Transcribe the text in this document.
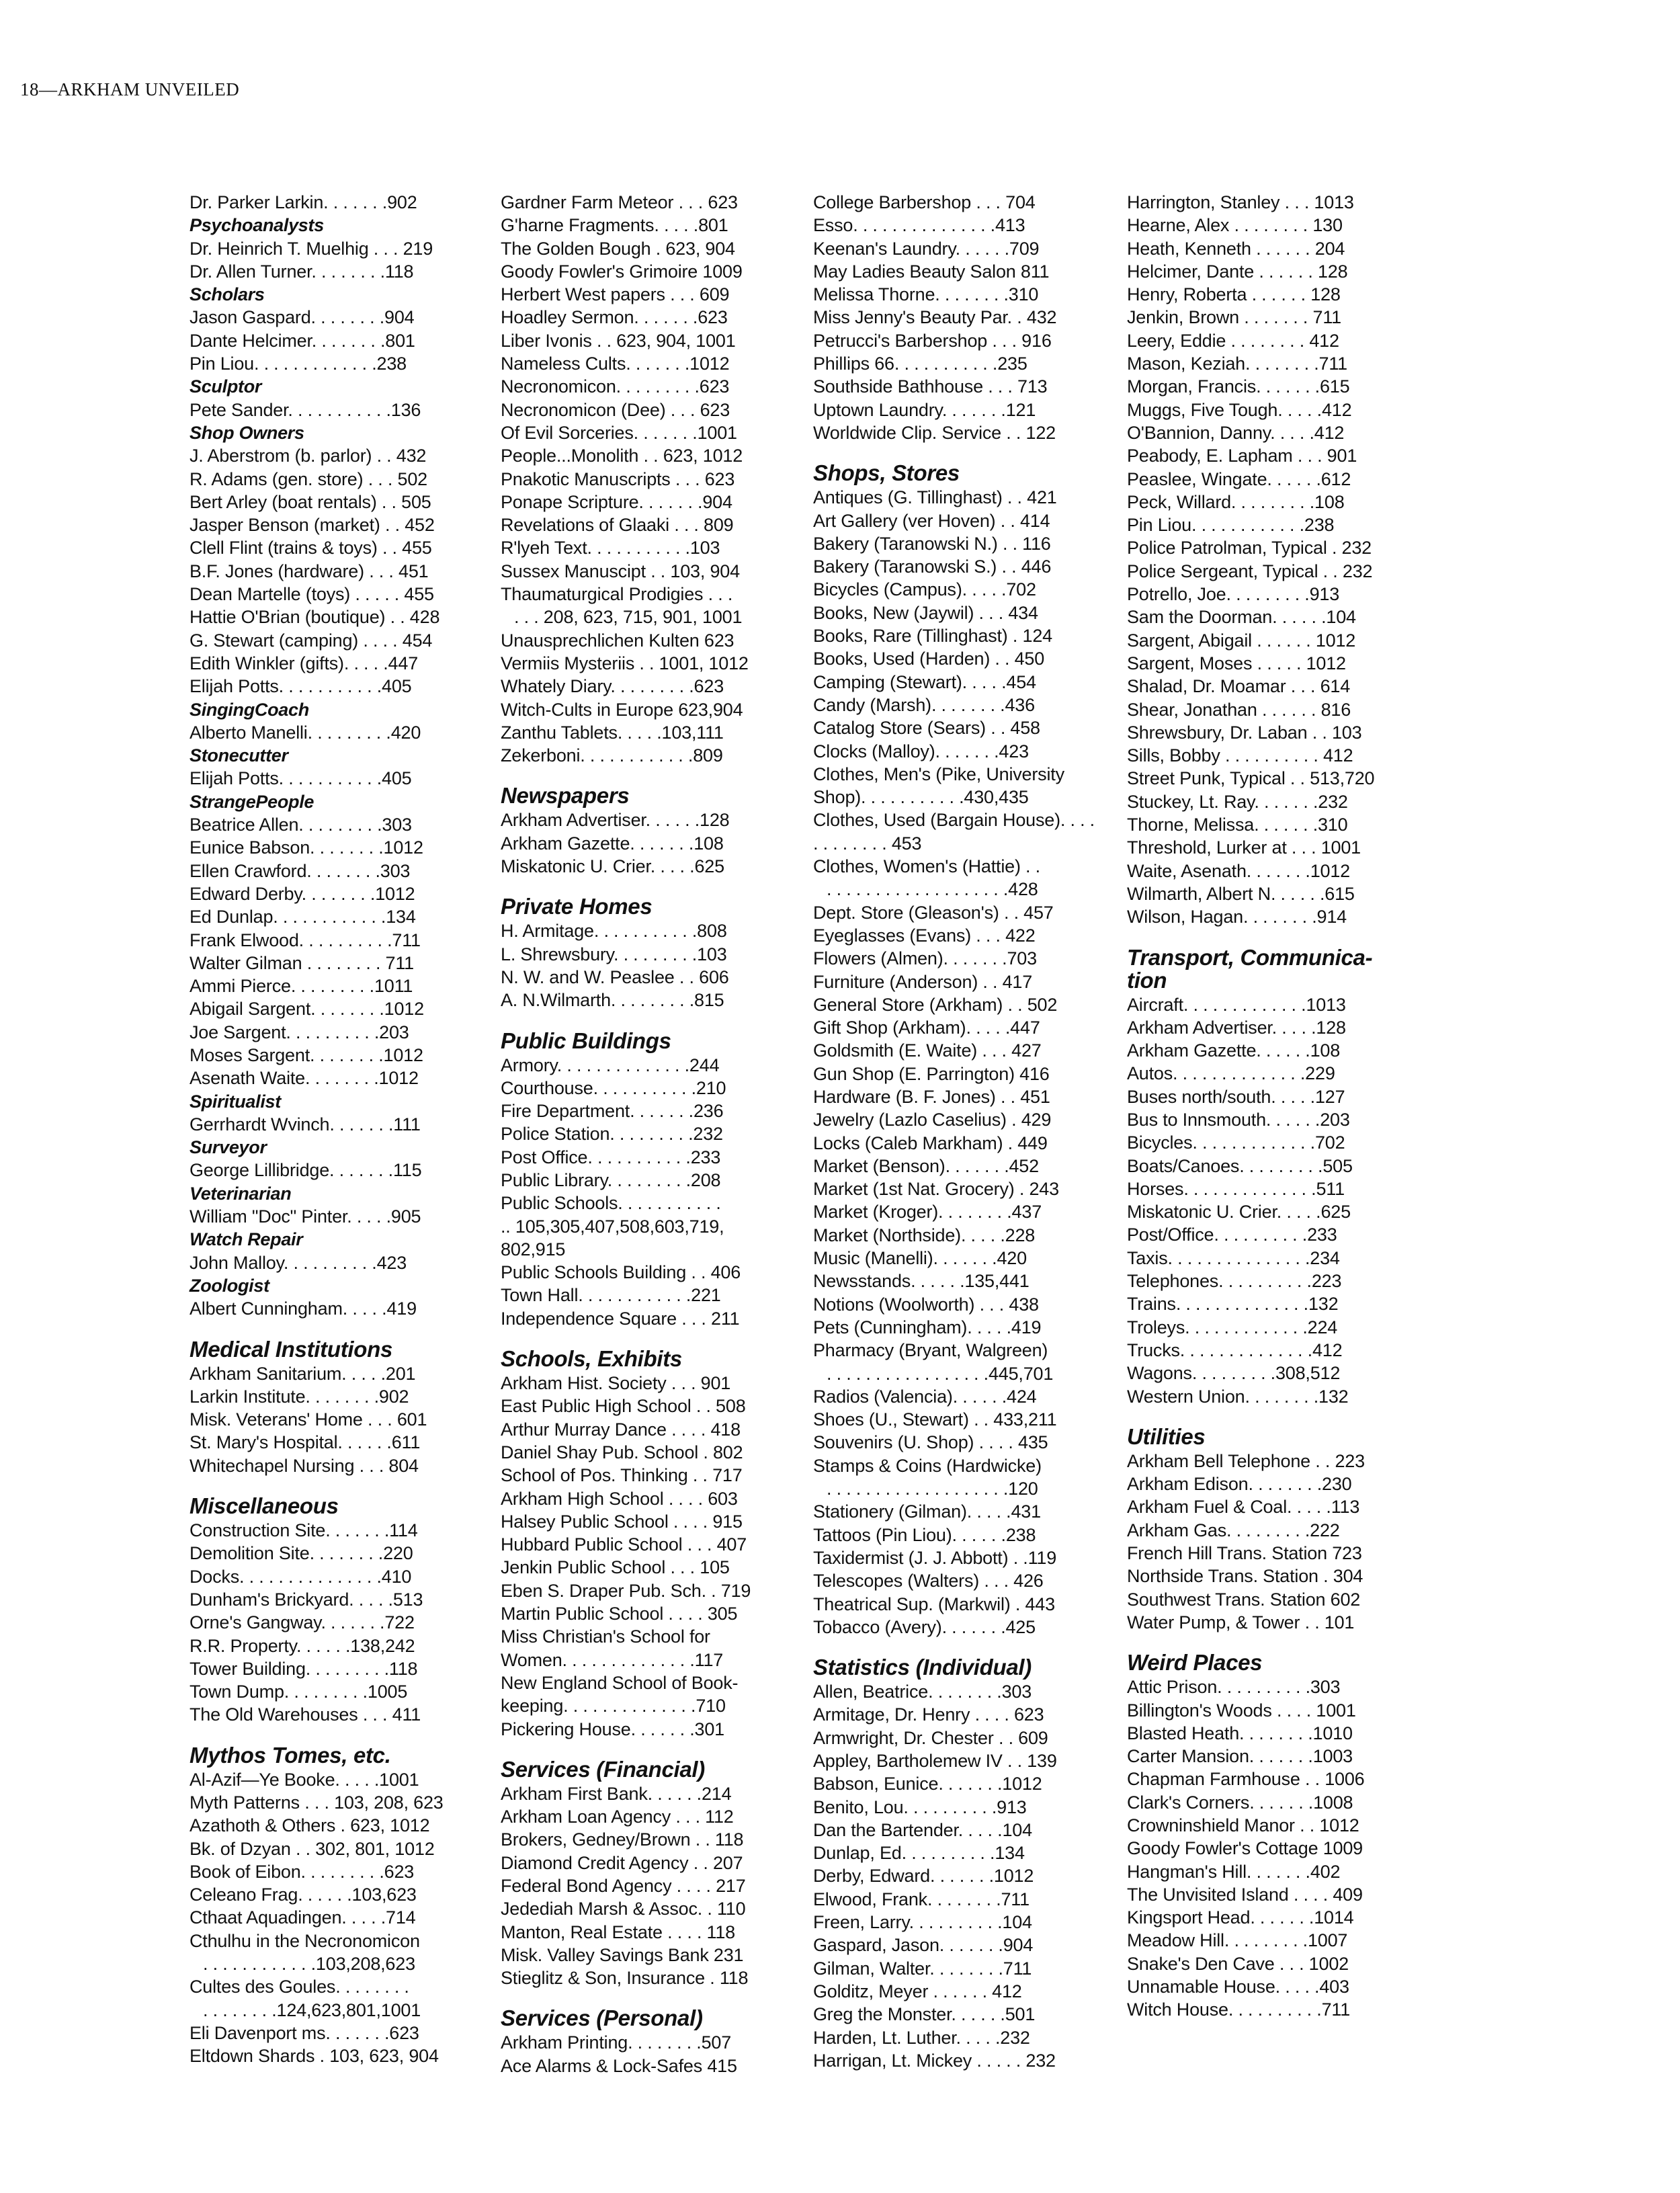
18—ARKHAM UNVEILED
Dr. Parker Larkin. . . . . . .902
Psychoanalysts
Dr. Heinrich T. Muelhig . . . 219
Dr. Allen Turner. . . . . . . .118
Scholars
Jason Gaspard. . . . . . . .904
Dante Helcimer. . . . . . . .801
Pin Liou. . . . . . . . . . . . .238
Sculptor
Pete Sander. . . . . . . . . . .136
Shop Owners
J. Aberstrom (b. parlor) . . 432
R. Adams (gen. store) . . . 502
Bert Arley (boat rentals) . . 505
Jasper Benson (market) . . 452
Clell Flint (trains & toys) . . 455
B.F. Jones (hardware) . . . 451
Dean Martelle (toys) . . . . . 455
Hattie O'Brian (boutique) . . 428
G. Stewart (camping) . . . . 454
Edith Winkler (gifts). . . . .447
Elijah Potts. . . . . . . . . . .405
SingingCoach
Alberto Manelli. . . . . . . . .420
Stonecutter
Elijah Potts. . . . . . . . . . .405
StrangePeople
Beatrice Allen. . . . . . . . .303
Eunice Babson. . . . . . . .1012
Ellen Crawford. . . . . . . .303
Edward Derby. . . . . . . .1012
Ed Dunlap. . . . . . . . . . . .134
Frank Elwood. . . . . . . . . .711
Walter Gilman . . . . . . . . 711
Ammi Pierce. . . . . . . . .1011
Abigail Sargent. . . . . . . .1012
Joe Sargent. . . . . . . . . .203
Moses Sargent. . . . . . . .1012
Asenath Waite. . . . . . . .1012
Spiritualist
Gerrhardt Wvinch. . . . . . .111
Surveyor
George Lillibridge. . . . . . .115
Veterinarian
William "Doc" Pinter. . . . .905
Watch Repair
John Malloy. . . . . . . . . .423
Zoologist
Albert Cunningham. . . . .419
Medical Institutions
Arkham Sanitarium. . . . .201
Larkin Institute. . . . . . . .902
Misk. Veterans' Home . . . 601
St. Mary's Hospital. . . . . .611
Whitechapel Nursing . . . 804
Miscellaneous
Construction Site. . . . . . .114
Demolition Site. . . . . . . .220
Docks. . . . . . . . . . . . . . .410
Dunham's Brickyard. . . . .513
Orne's Gangway. . . . . . .722
R.R. Property. . . . . .138,242
Tower Building. . . . . . . . .118
Town Dump. . . . . . . . .1005
The Old Warehouses . . . 411
Mythos Tomes, etc.
Al-Azif—Ye Booke. . . . .1001
Myth Patterns . . . 103, 208, 623
Azathoth & Others . 623, 1012
Bk. of Dzyan . . 302, 801, 1012
Book of Eibon. . . . . . . . .623
Celeano Frag. . . . . .103,623
Cthaat Aquadingen. . . . .714
Cthulhu in the Necronomicon
. . . . . . . . . . . .103,208,623
Cultes des Goules. . . . . . . .
. . . . . . . .124,623,801,1001
Eli Davenport ms. . . . . . .623
Eltdown Shards . 103, 623, 904
Gardner Farm Meteor . . . 623
G'harne Fragments. . . . .801
The Golden Bough . 623, 904
Goody Fowler's Grimoire 1009
Herbert West papers . . . 609
Hoadley Sermon. . . . . . .623
Liber Ivonis . . 623, 904, 1001
Nameless Cults. . . . . . .1012
Necronomicon. . . . . . . . .623
Necronomicon (Dee) . . . 623
Of Evil Sorceries. . . . . . .1001
People...Monolith . . 623, 1012
Pnakotic Manuscripts . . . 623
Ponape Scripture. . . . . . .904
Revelations of Glaaki . . . 809
R'lyeh Text. . . . . . . . . . .103
Sussex Manuscipt . . 103, 904
Thaumaturgical Prodigies . . .
. . . 208, 623, 715, 901, 1001
Unausprechlichen Kulten 623
Vermiis Mysteriis . . 1001, 1012
Whately Diary. . . . . . . . .623
Witch-Cults in Europe 623,904
Zanthu Tablets. . . . .103,111
Zekerboni. . . . . . . . . . . .809
Newspapers
Arkham Advertiser. . . . . .128
Arkham Gazette. . . . . . .108
Miskatonic U. Crier. . . . .625
Private Homes
H. Armitage. . . . . . . . . . .808
L. Shrewsbury. . . . . . . . .103
N. W. and W. Peaslee . . 606
A. N.Wilmarth. . . . . . . . .815
Public Buildings
Armory. . . . . . . . . . . . . .244
Courthouse. . . . . . . . . . .210
Fire Department. . . . . . .236
Police Station. . . . . . . . .232
Post Office. . . . . . . . . . .233
Public Library. . . . . . . . .208
Public Schools. . . . . . . . . . .
.. 105,305,407,508,603,719, 802,915
Public Schools Building . . 406
Town Hall. . . . . . . . . . . .221
Independence Square . . . 211
Schools, Exhibits
Arkham Hist. Society . . . 901
East Public High School . . 508
Arthur Murray Dance . . . . 418
Daniel Shay Pub. School . 802
School of Pos. Thinking . . 717
Arkham High School . . . . 603
Halsey Public School . . . . 915
Hubbard Public School . . . 407
Jenkin Public School . . . 105
Eben S. Draper Pub. Sch. . 719
Martin Public School . . . . 305
Miss Christian's School for
Women. . . . . . . . . . . . . .117
New England School of Book-
keeping. . . . . . . . . . . . . .710
Pickering House. . . . . . .301
Services (Financial)
Arkham First Bank. . . . . .214
Arkham Loan Agency . . . 112
Brokers, Gedney/Brown . . 118
Diamond Credit Agency . . 207
Federal Bond Agency . . . . 217
Jedediah Marsh & Assoc. . 110
Manton, Real Estate . . . . 118
Misk. Valley Savings Bank 231
Stieglitz & Son, Insurance . 118
Services (Personal)
Arkham Printing. . . . . . . .507
Ace Alarms & Lock-Safes 415
College Barbershop . . . 704
Esso. . . . . . . . . . . . . . .413
Keenan's Laundry. . . . . .709
May Ladies Beauty Salon 811
Melissa Thorne. . . . . . . .310
Miss Jenny's Beauty Par. . 432
Petrucci's Barbershop . . . 916
Phillips 66. . . . . . . . . . .235
Southside Bathhouse . . . 713
Uptown Laundry. . . . . . .121
Worldwide Clip. Service . . 122
Shops, Stores
Antiques (G. Tillinghast) . . 421
Art Gallery (ver Hoven) . . 414
Bakery (Taranowski N.) . . 116
Bakery (Taranowski S.) . . 446
Bicycles (Campus). . . . .702
Books, New (Jaywil) . . . 434
Books, Rare (Tillinghast) . 124
Books, Used (Harden) . . 450
Camping (Stewart). . . . .454
Candy (Marsh). . . . . . . .436
Catalog Store (Sears) . . 458
Clocks (Malloy). . . . . . .423
Clothes, Men's (Pike, University Shop). . . . . . . . . . .430,435
Clothes, Used (Bargain House). . . . . . . . . . . . 453
Clothes, Women's (Hattie) . .
. . . . . . . . . . . . . . . . . . .428
Dept. Store (Gleason's) . . 457
Eyeglasses (Evans) . . . 422
Flowers (Almen). . . . . . .703
Furniture (Anderson) . . 417
General Store (Arkham) . . 502
Gift Shop (Arkham). . . . .447
Goldsmith (E. Waite) . . . 427
Gun Shop (E. Parrington) 416
Hardware (B. F. Jones) . . 451
Jewelry (Lazlo Caselius) . 429
Locks (Caleb Markham) . 449
Market (Benson). . . . . . .452
Market (1st Nat. Grocery) . 243
Market (Kroger). . . . . . . .437
Market (Northside). . . . .228
Music (Manelli). . . . . . .420
Newsstands. . . . . .135,441
Notions (Woolworth) . . . 438
Pets (Cunningham). . . . .419
Pharmacy (Bryant, Walgreen)
. . . . . . . . . . . . . . . . .445,701
Radios (Valencia). . . . . .424
Shoes (U., Stewart) . . 433,211
Souvenirs (U. Shop) . . . . 435
Stamps & Coins (Hardwicke)
. . . . . . . . . . . . . . . . . . .120
Stationery (Gilman). . . . .431
Tattoos (Pin Liou). . . . . .238
Taxidermist (J. J. Abbott) . .119
Telescopes (Walters) . . . 426
Theatrical Sup. (Markwil) . 443
Tobacco (Avery). . . . . . .425
Statistics (Individual)
Allen, Beatrice. . . . . . . .303
Armitage, Dr. Henry . . . . 623
Armwright, Dr. Chester . . 609
Appley, Bartholemew IV . . 139
Babson, Eunice. . . . . . .1012
Benito, Lou. . . . . . . . . .913
Dan the Bartender. . . . .104
Dunlap, Ed. . . . . . . . . .134
Derby, Edward. . . . . . .1012
Elwood, Frank. . . . . . . .711
Freen, Larry. . . . . . . . . .104
Gaspard, Jason. . . . . . .904
Gilman, Walter. . . . . . . .711
Golditz, Meyer . . . . . . 412
Greg the Monster. . . . . .501
Harden, Lt. Luther. . . . .232
Harrigan, Lt. Mickey . . . . . 232
Harrington, Stanley . . . 1013
Hearne, Alex . . . . . . . . 130
Heath, Kenneth . . . . . . 204
Helcimer, Dante . . . . . . 128
Henry, Roberta . . . . . . 128
Jenkin, Brown . . . . . . . 711
Leery, Eddie . . . . . . . . 412
Mason, Keziah. . . . . . . .711
Morgan, Francis. . . . . . .615
Muggs, Five Tough. . . . .412
O'Bannion, Danny. . . . .412
Peabody, E. Lapham . . . 901
Peaslee, Wingate. . . . . .612
Peck, Willard. . . . . . . . .108
Pin Liou. . . . . . . . . . . .238
Police Patrolman, Typical . 232
Police Sergeant, Typical . . 232
Potrello, Joe. . . . . . . . .913
Sam the Doorman. . . . . .104
Sargent, Abigail . . . . . . 1012
Sargent, Moses . . . . . 1012
Shalad, Dr. Moamar . . . 614
Shear, Jonathan . . . . . . 816
Shrewsbury, Dr. Laban . . 103
Sills, Bobby . . . . . . . . . . 412
Street Punk, Typical . . 513,720
Stuckey, Lt. Ray. . . . . . .232
Thorne, Melissa. . . . . . .310
Threshold, Lurker at . . . 1001
Waite, Asenath. . . . . . .1012
Wilmarth, Albert N. . . . . .615
Wilson, Hagan. . . . . . . .914
Transport, Communica-tion
Aircraft. . . . . . . . . . . . .1013
Arkham Advertiser. . . . .128
Arkham Gazette. . . . . .108
Autos. . . . . . . . . . . . . .229
Buses north/south. . . . .127
Bus to Innsmouth. . . . . .203
Bicycles. . . . . . . . . . . . .702
Boats/Canoes. . . . . . . . .505
Horses. . . . . . . . . . . . . .511
Miskatonic U. Crier. . . . .625
Post/Office. . . . . . . . . .233
Taxis. . . . . . . . . . . . . . .234
Telephones. . . . . . . . . .223
Trains. . . . . . . . . . . . . .132
Troleys. . . . . . . . . . . . .224
Trucks. . . . . . . . . . . . . .412
Wagons. . . . . . . . .308,512
Western Union. . . . . . . .132
Utilities
Arkham Bell Telephone . . 223
Arkham Edison. . . . . . . .230
Arkham Fuel & Coal. . . . .113
Arkham Gas. . . . . . . . .222
French Hill Trans. Station 723
Northside Trans. Station . 304
Southwest Trans. Station 602
Water Pump, & Tower . . 101
Weird Places
Attic Prison. . . . . . . . . .303
Billington's Woods . . . . 1001
Blasted Heath. . . . . . . .1010
Carter Mansion. . . . . . .1003
Chapman Farmhouse . . 1006
Clark's Corners. . . . . . .1008
Crowninshield Manor . . 1012
Goody Fowler's Cottage 1009
Hangman's Hill. . . . . . .402
The Unvisited Island . . . . 409
Kingsport Head. . . . . . .1014
Meadow Hill. . . . . . . . .1007
Snake's Den Cave . . . 1002
Unnamable House. . . . .403
Witch House. . . . . . . . . .711
